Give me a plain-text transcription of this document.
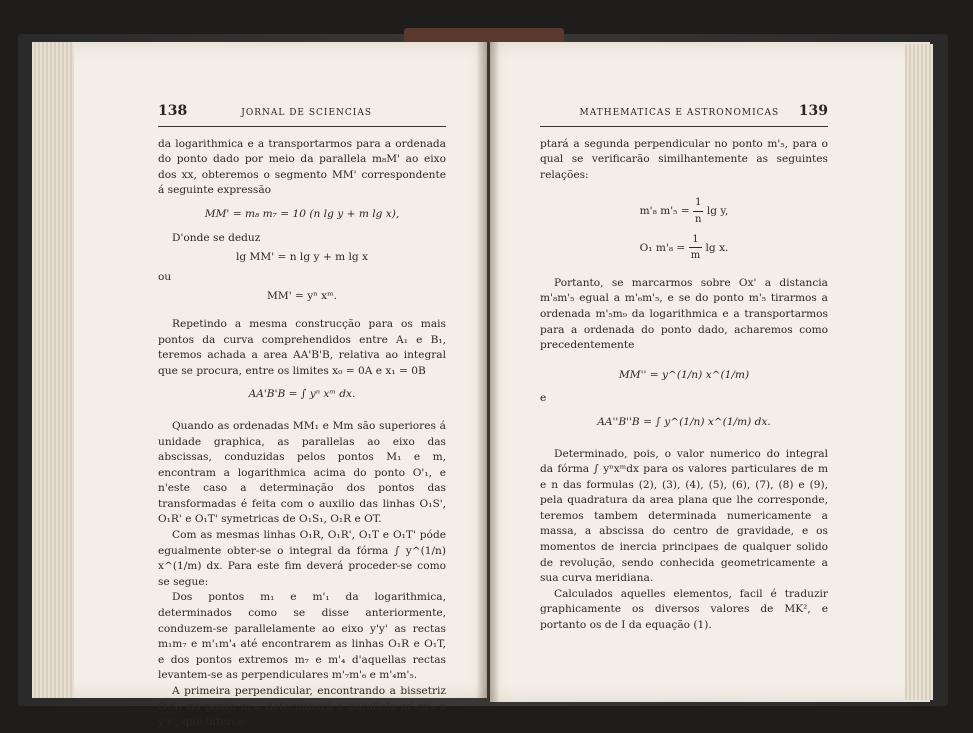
138	JORNAL DE SCIENCIAS

da logarithmica e a transportarmos para a ordenada do ponto dado por meio da parallela m₈M' ao eixo dos xx, obteremos o segmento MM' correspondente á seguinte expressão

MM' = m₈ m₇ = 10 (n lg y + m lg x),

D'onde se deduz

lg MM' = n lg y + m lg x
ou
MM' = yⁿ xᵐ.

Repetindo a mesma construcção para os mais pontos da curva comprehendidos entre A₁ e B₁, teremos achada a area AA'B'B, relativa ao integral que se procura, entre os limites x₀ = 0A e x₁ = 0B

AA'B'B = ∫ yⁿ xᵐ dx.

Quando as ordenadas MM₁ e Mm são superiores á unidade graphica, as parallelas ao eixo das abscissas, conduzidas pelos pontos M₁ e m, encontram a logarithmica acima do ponto O'₁, e n'este caso a determinação dos pontos das transformadas é feita com o auxilio das linhas O₁S', O₁R' e O₁T' symetricas de O₁S₁, O₁R e OT.

Com as mesmas linhas O₁R, O₁R', O₁T e O₁T' póde egualmente obter-se o integral da fórma ∫ y^(1/n) x^(1/m) dx. Para este fim deverá proceder-se como se segue:

Dos pontos m₁ e m'₁ da logarithmica, determinados como se disse anteriormente, conduzem-se parallelamente ao eixo y'y' as rectas m₁m₇ e m'₁m'₄ até encontrarem as linhas O₁R e O₁T, e dos pontos extremos m₇ e m'₄ d'aquellas rectas levantem-se as perpendiculares m'₇m'₆ e m'₄m'₅.

A primeira perpendicular, encontrando a bissetriz O₁S₁ no ponto m'₆, determinará a parallela m'₆m'₅ a y'y', que interce-

MATHEMATICAS E ASTRONOMICAS 139

ptará a segunda perpendicular no ponto m'₅, para o qual se verificarão similhantemente as seguintes relações:

m'₈ $m'_5 = \frac{1}{n}$ lg y,
O₁ $m'_8 = \frac{1}{m}$ lg x.

Portanto, se marcarmos sobre Ox' a distancia m'₈m'₅ egual a m'₆m'₅, e se do ponto m'₅ tirarmos a ordenada m'₅m₉ da logarithmica e a transportarmos para a ordenada do ponto dado, acharemos como precedentemente

MM'' = y^(1/n) x^(1/m)
e
AA''B''B = ∫ y^(1/n) x^(1/m) dx.

Determinado, pois, o valor numerico do integral da fórma ∫ yⁿxᵐdx para os valores particulares de m e n das formulas (2), (3), (4), (5), (6), (7), (8) e (9), pela quadratura da area plana que lhe corresponde, teremos tambem determinada numericamente a massa, a abscissa do centro de gravidade, e os momentos de inercia principaes de qualquer solido de revolução, sendo conhecida geometricamente a sua curva meridiana.

Calculados aquelles elementos, facil é traduzir graphicamente os diversos valores de MK², e portanto os de I da equação (1).
